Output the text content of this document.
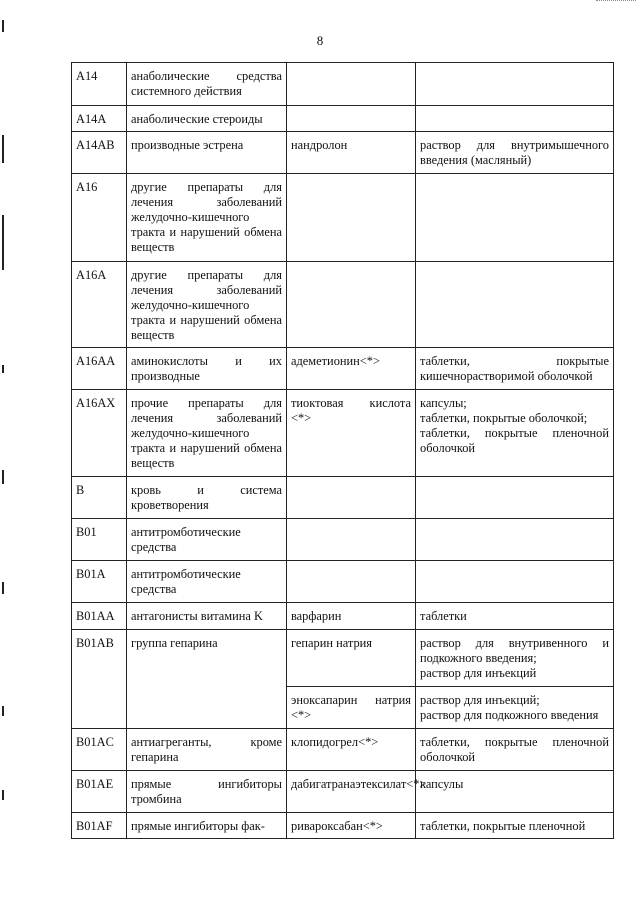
8
A14	анаболические средства системного действия		
A14A	анаболические стероиды		
A14AB	производные эстрена	нандролон	раствор для внутримышечного введения (масляный)
A16	другие препараты для лечения заболеваний желудочно-кишечного тракта и нарушений обмена веществ		
A16A	другие препараты для лечения заболеваний желудочно-кишечного тракта и нарушений обмена веществ		
A16AA	аминокислоты и их производные	адеметионин<*>	таблетки, покрытые кишечнорастворимой оболочкой
A16AX	прочие препараты для лечения заболеваний желудочно-кишечного тракта и нарушений обмена веществ	тиоктовая кислота <*>	капсулы;
таблетки, покрытые оболочкой;
таблетки, покрытые пленочной оболочкой
B	кровь и система кроветворения		
B01	антитромботические средства		
B01A	антитромботические средства		
B01AA	антагонисты витамина K	варфарин	таблетки
B01AB	группа гепарина	гепарин натрия	раствор для внутривенного и подкожного введения;
раствор для инъекций
		эноксапарин натрия <*>	раствор для инъекций;
раствор для подкожного введения
B01AC	антиагреганты, кроме гепарина	клопидогрел<*>	таблетки, покрытые пленочной оболочкой
B01AE	прямые ингибиторы тромбина	дабигатранаэтексилат<*>	капсулы
B01AF	прямые ингибиторы фак-	ривароксабан<*>	таблетки, покрытые пленочной
